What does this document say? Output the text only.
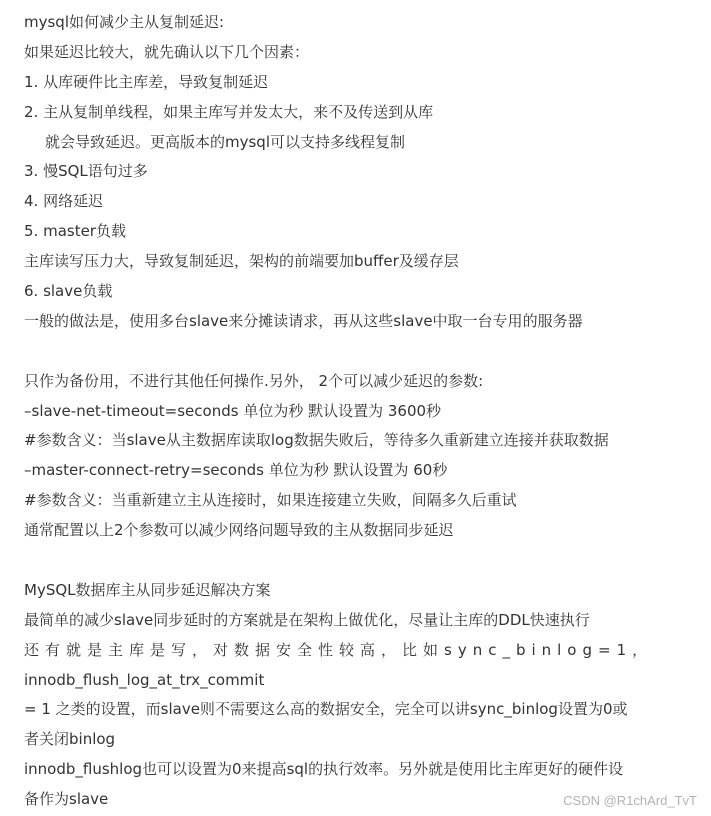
mysql如何减少主从复制延迟:
如果延迟比较大，就先确认以下几个因素：
1. 从库硬件比主库差，导致复制延迟
2. 主从复制单线程，如果主库写并发太大，来不及传送到从库
就会导致延迟。更高版本的mysql可以支持多线程复制
3. 慢SQL语句过多
4. 网络延迟
5. master负载
主库读写压力大，导致复制延迟，架构的前端要加buffer及缓存层
6. slave负载
一般的做法是，使用多台slave来分摊读请求，再从这些slave中取一台专用的服务器
只作为备份用，不进行其他任何操作.另外， 2个可以减少延迟的参数:
–slave-net-timeout=seconds 单位为秒 默认设置为 3600秒
#参数含义：当slave从主数据库读取log数据失败后，等待多久重新建立连接并获取数据
–master-connect-retry=seconds 单位为秒 默认设置为 60秒
#参数含义：当重新建立主从连接时，如果连接建立失败，间隔多久后重试
通常配置以上2个参数可以减少网络问题导致的主从数据同步延迟
MySQL数据库主从同步延迟解决方案
最简单的减少slave同步延时的方案就是在架构上做优化，尽量让主库的DDL快速执行
还有就是主库是写，对数据安全性较高，比如sync_binlog=1，
innodb_flush_log_at_trx_commit
= 1 之类的设置，而slave则不需要这么高的数据安全，完全可以讲sync_binlog设置为0或
者关闭binlog
innodb_flushlog也可以设置为0来提高sql的执行效率。另外就是使用比主库更好的硬件设
备作为slave	CSDN @R1chArd_TvT
